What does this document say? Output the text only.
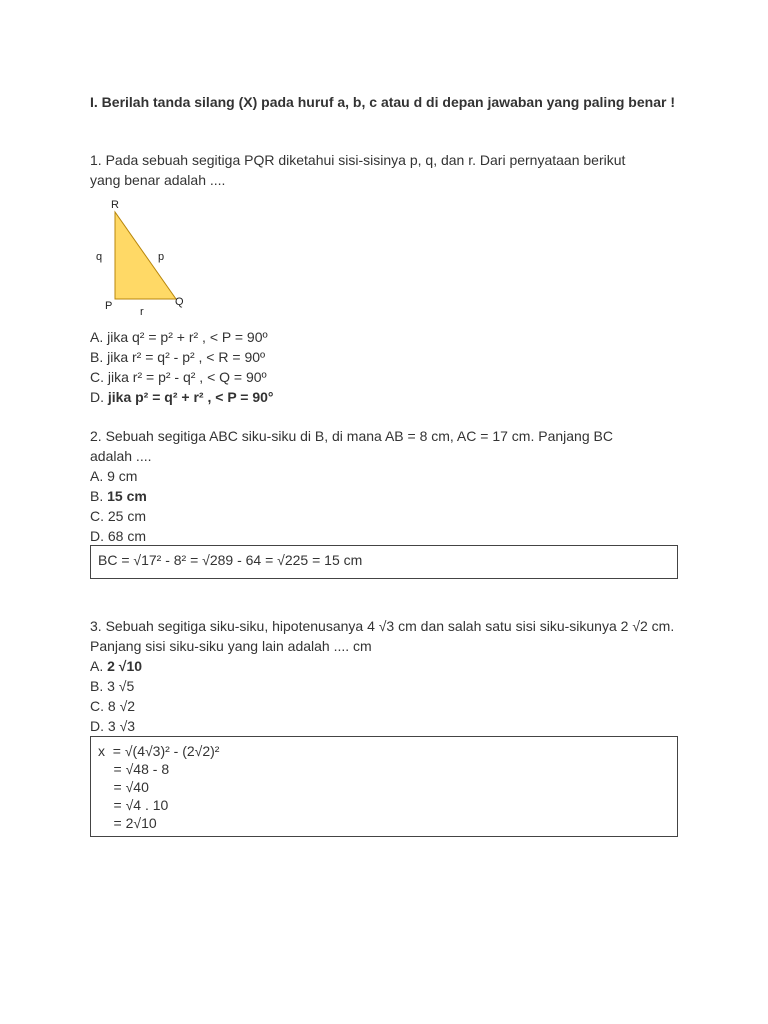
I. Berilah tanda silang (X) pada huruf a, b, c atau d di depan jawaban yang paling benar !

1. Pada sebuah segitiga PQR diketahui sisi-sisinya p, q, dan r. Dari pernyataan berikut yang benar adalah ....

R
P	Q
q	p
r

A. jika q² = p² + r² , < P = 90º

B. jika r² = q² - p² , < R = 90º

C. jika r² = p² - q² , < Q = 90º

D. jika p² = q² + r² , < P = 90°

2. Sebuah segitiga ABC siku-siku di B, di mana AB = 8 cm, AC = 17 cm. Panjang BC adalah ....

A. 9 cm

B. 15 cm

C. 25 cm

D. 68 cm

BC = √17² - 8² = √289 - 64 = √225 = 15 cm

3. Sebuah segitiga siku-siku, hipotenusanya 4 √3 cm dan salah satu sisi siku-sikunya 2 √2 cm. Panjang sisi siku-siku yang lain adalah .... cm

A. 2 √10

B. 3 √5

C. 8 √2

D. 3 √3

x  = √(4√3)² - (2√2)²
= √48 - 8
= √40
= √4 . 10
= 2√10
